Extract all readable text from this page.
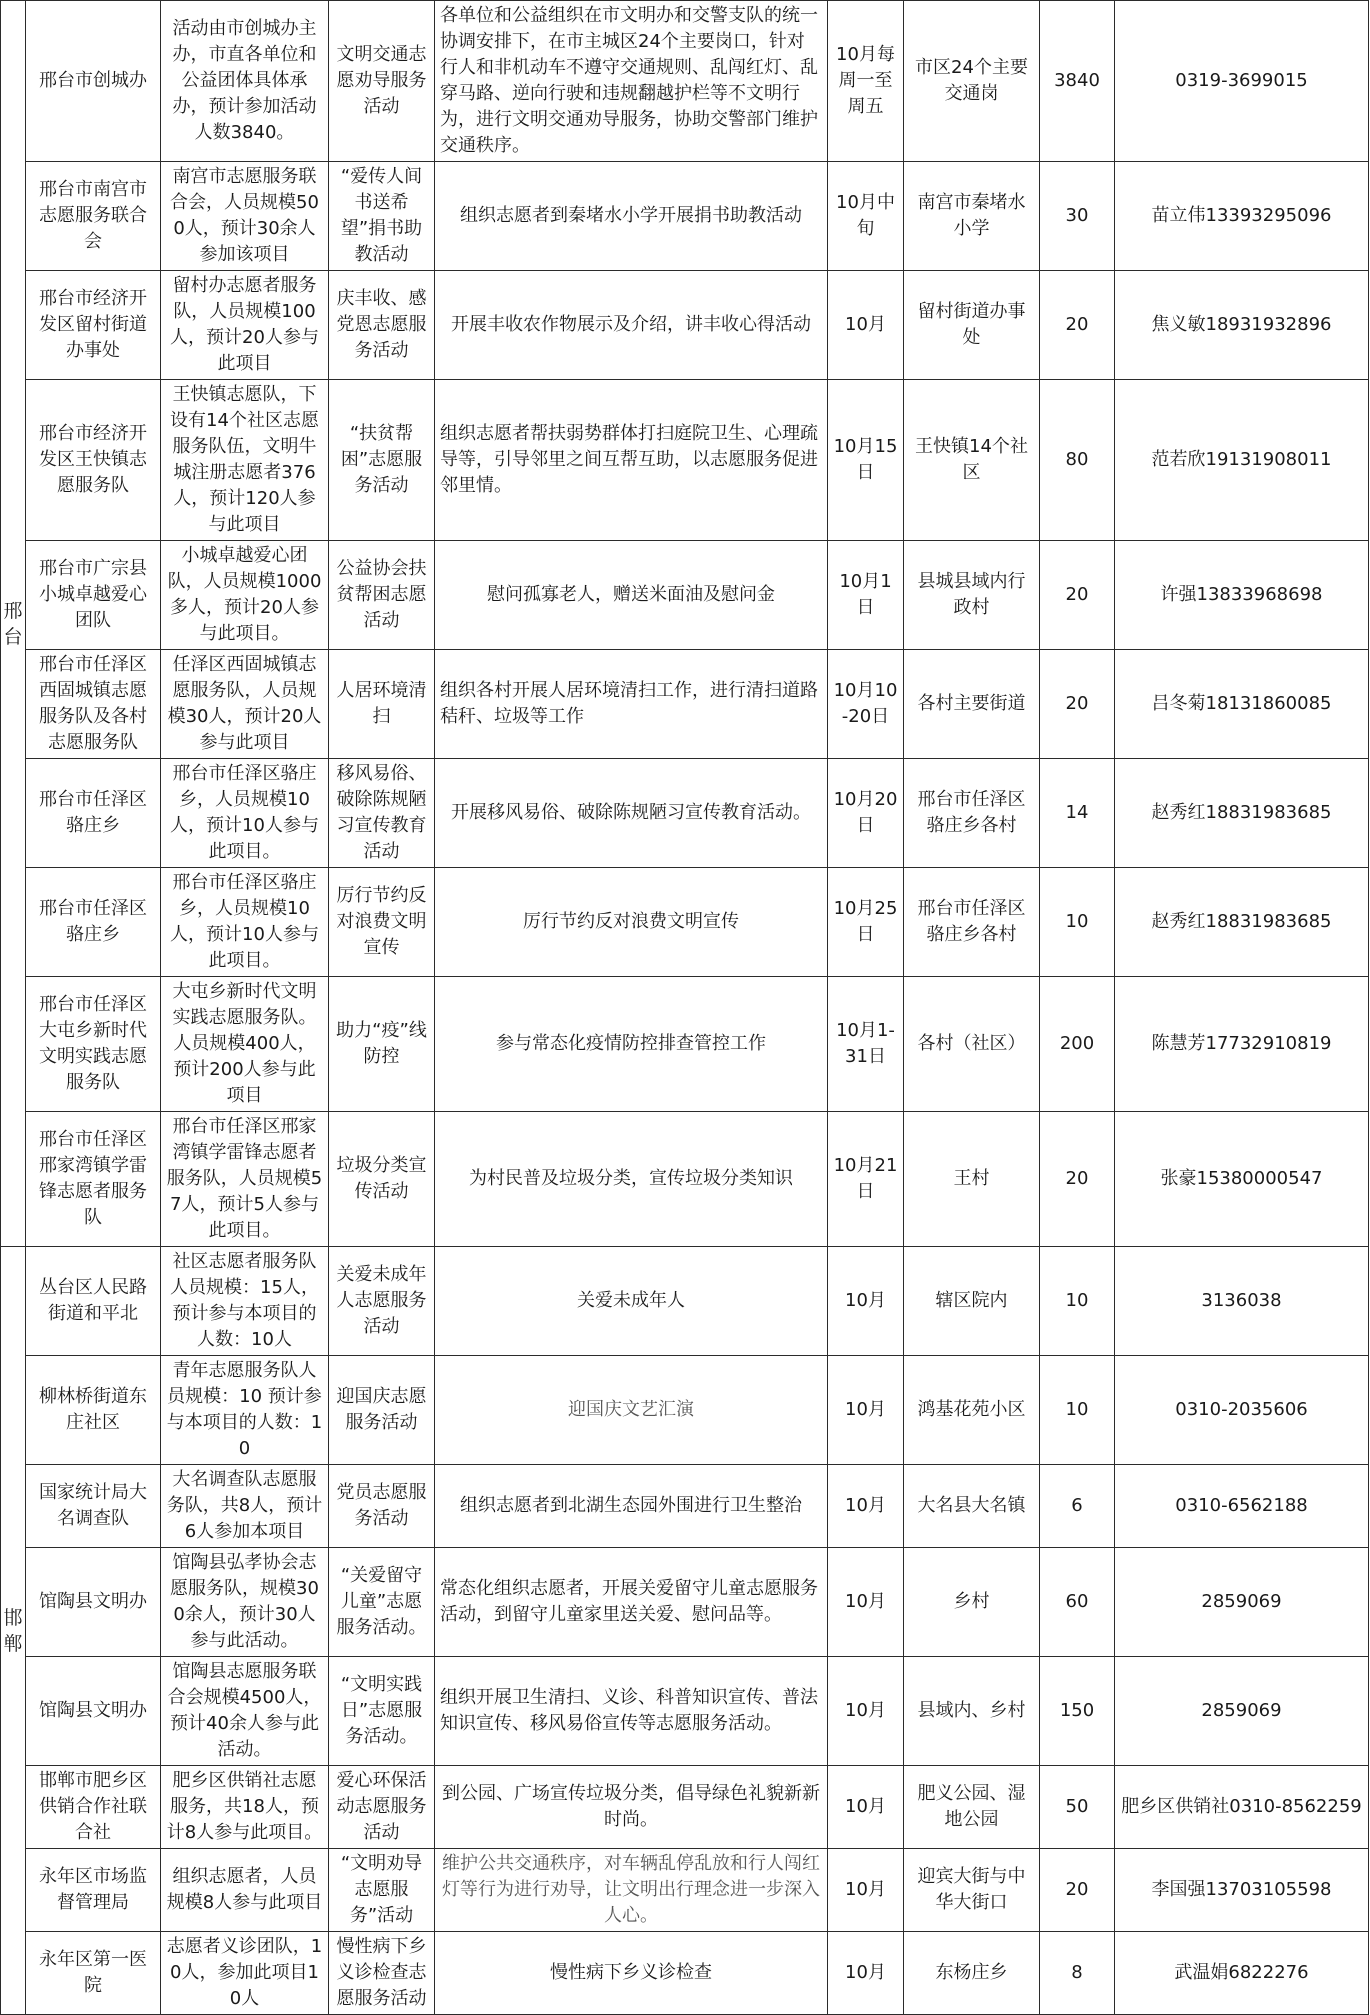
邢台	邢台市创城办	活动由市创城办主办，市直各单位和公益团体具体承办，预计参加活动人数3840。	文明交通志愿劝导服务活动	各单位和公益组织在市文明办和交警支队的统一协调安排下，在市主城区24个主要岗口，针对行人和非机动车不遵守交通规则、乱闯红灯、乱穿马路、逆向行驶和违规翻越护栏等不文明行为，进行文明交通劝导服务，协助交警部门维护交通秩序。	10月每周一至周五	市区24个主要交通岗	3840	0319-3699015
	邢台市南宫市志愿服务联合会	南宫市志愿服务联合会，人员规模500人，预计30余人参加该项目	“爱传人间 书送希望”捐书助教活动	组织志愿者到秦堵水小学开展捐书助教活动	10月中旬	南宫市秦堵水小学	30	苗立伟13393295096
	邢台市经济开发区留村街道办事处	留村办志愿者服务队，人员规模100人，预计20人参与此项目	庆丰收、感党恩志愿服务活动	开展丰收农作物展示及介绍，讲丰收心得活动	10月	留村街道办事处	20	焦义敏18931932896
	邢台市经济开发区王快镇志愿服务队	王快镇志愿队，下设有14个社区志愿服务队伍，文明牛城注册志愿者376人，预计120人参与此项目	“扶贫帮困”志愿服务活动	组织志愿者帮扶弱势群体打扫庭院卫生、心理疏导等，引导邻里之间互帮互助，以志愿服务促进邻里情。	10月15日	王快镇14个社区	80	范若欣19131908011
	邢台市广宗县小城卓越爱心团队	小城卓越爱心团队，人员规模1000多人，预计20人参与此项目。	公益协会扶贫帮困志愿活动	慰问孤寡老人，赠送米面油及慰问金	10月1日	县城县域内行政村	20	许强13833968698
	邢台市任泽区西固城镇志愿服务队及各村志愿服务队	任泽区西固城镇志愿服务队，人员规模30人，预计20人参与此项目	人居环境清扫	组织各村开展人居环境清扫工作，进行清扫道路秸秆、垃圾等工作	10月10-20日	各村主要街道	20	吕冬菊18131860085
	邢台市任泽区骆庄乡	邢台市任泽区骆庄乡，人员规模10人，预计10人参与此项目。	移风易俗、破除陈规陋习宣传教育活动	开展移风易俗、破除陈规陋习宣传教育活动。	10月20日	邢台市任泽区骆庄乡各村	14	赵秀红18831983685
	邢台市任泽区骆庄乡	邢台市任泽区骆庄乡，人员规模10人，预计10人参与此项目。	厉行节约反对浪费文明宣传	厉行节约反对浪费文明宣传	10月25日	邢台市任泽区骆庄乡各村	10	赵秀红18831983685
	邢台市任泽区大屯乡新时代文明实践志愿服务队	大屯乡新时代文明实践志愿服务队。人员规模400人，预计200人参与此项目	助力“疫”线防控	参与常态化疫情防控排查管控工作	10月1-31日	各村（社区）	200	陈慧芳17732910819
	邢台市任泽区邢家湾镇学雷锋志愿者服务队	邢台市任泽区邢家湾镇学雷锋志愿者服务队，人员规模57人，预计5人参与此项目。	垃圾分类宣传活动	为村民普及垃圾分类，宣传垃圾分类知识	10月21日	王村	20	张豪15380000547
邯郸	丛台区人民路街道和平北	社区志愿者服务队 人员规模：15人，预计参与本项目的人数：10人	关爱未成年人志愿服务活动	关爱未成年人	10月	辖区院内	10	3136038
	柳林桥街道东庄社区	青年志愿服务队人员规模：10 预计参与本项目的人数：10	迎国庆志愿服务活动	迎国庆文艺汇演	10月	鸿基花苑小区	10	0310-2035606
	国家统计局大名调查队	大名调查队志愿服务队，共8人，预计6人参加本项目	党员志愿服务活动	组织志愿者到北湖生态园外围进行卫生整治	10月	大名县大名镇	6	0310-6562188
	馆陶县文明办	馆陶县弘孝协会志愿服务队，规模300余人，预计30人参与此活动。	“关爱留守儿童”志愿服务活动。	常态化组织志愿者，开展关爱留守儿童志愿服务活动，到留守儿童家里送关爱、慰问品等。	10月	乡村	60	2859069
	馆陶县文明办	馆陶县志愿服务联合会规模4500人，预计40余人参与此活动。	“文明实践日”志愿服务活动。	组织开展卫生清扫、义诊、科普知识宣传、普法知识宣传、移风易俗宣传等志愿服务活动。	10月	县域内、乡村	150	2859069
	邯郸市肥乡区供销合作社联合社	肥乡区供销社志愿服务，共18人，预计8人参与此项目。	爱心环保活动志愿服务活动	到公园、广场宣传垃圾分类，倡导绿色礼貌新新时尚。	10月	肥义公园、湿地公园	50	肥乡区供销社0310-8562259
	永年区市场监督管理局	组织志愿者，人员规模8人参与此项目	“文明劝导志愿服务”活动	维护公共交通秩序，对车辆乱停乱放和行人闯红灯等行为进行劝导，让文明出行理念进一步深入人心。	10月	迎宾大街与中华大街口	20	李国强13703105598
	永年区第一医院	志愿者义诊团队，10人，参加此项目10人	慢性病下乡义诊检查志愿服务活动	慢性病下乡义诊检查	10月	东杨庄乡	8	武温娟6822276
